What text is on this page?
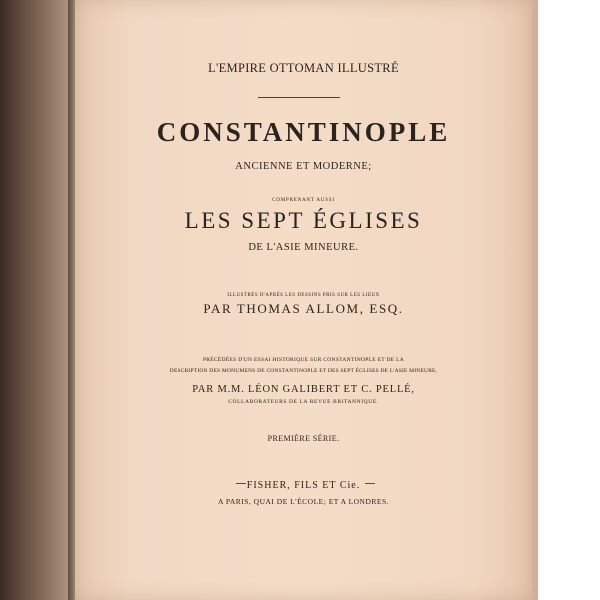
L'EMPIRE OTTOMAN ILLUSTRÉ
CONSTANTINOPLE
ANCIENNE ET MODERNE;
COMPRENANT AUSSI
LES SEPT ÉGLISES
DE L'ASIE MINEURE.
ILLUSTRÉS D'APRÈS LES DESSINS PRIS SUR LES LIEUX
PAR THOMAS ALLOM, ESQ.
PRÉCÉDÉES D'UN ESSAI HISTORIQUE SUR CONSTANTINOPLE ET DE LA
DESCRIPTION DES MONUMENS DE CONSTANTINOPLE ET DES SEPT ÉGLISES DE L'ASIE MINEURE,
PAR M.M. LÉON GALIBERT ET C. PELLÉ,
COLLABORATEURS DE LA REVUE BRITANNIQUE.
PREMIÈRE SÉRIE.
FISHER, FILS ET Cie.
A PARIS, QUAI DE L'ÉCOLE; ET A LONDRES.
